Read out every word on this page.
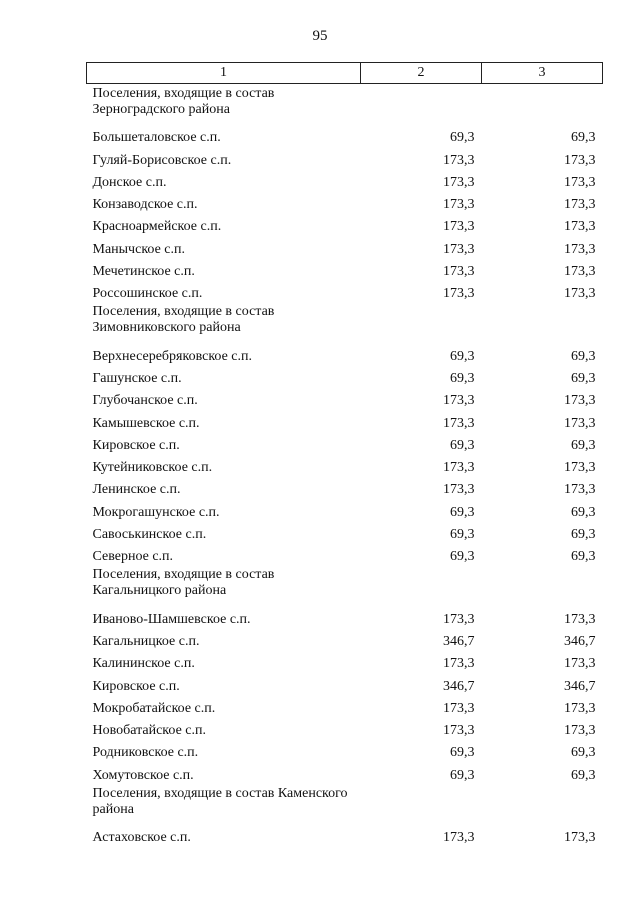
95
1	2	3
Поселения, входящие в состав Зерноградского района		
Большеталовское с.п.	69,3	69,3
Гуляй-Борисовское с.п.	173,3	173,3
Донское с.п.	173,3	173,3
Конзаводское с.п.	173,3	173,3
Красноармейское с.п.	173,3	173,3
Манычское с.п.	173,3	173,3
Мечетинское с.п.	173,3	173,3
Россошинское с.п.	173,3	173,3
Поселения, входящие в состав Зимовниковского района		
Верхнесеребряковское с.п.	69,3	69,3
Гашунское с.п.	69,3	69,3
Глубочанское с.п.	173,3	173,3
Камышевское с.п.	173,3	173,3
Кировское с.п.	69,3	69,3
Кутейниковское с.п.	173,3	173,3
Ленинское с.п.	173,3	173,3
Мокрогашунское с.п.	69,3	69,3
Савоськинское с.п.	69,3	69,3
Северное с.п.	69,3	69,3
Поселения, входящие в состав Кагальницкого района		
Иваново-Шамшевское с.п.	173,3	173,3
Кагальницкое с.п.	346,7	346,7
Калининское с.п.	173,3	173,3
Кировское с.п.	346,7	346,7
Мокробатайское с.п.	173,3	173,3
Новобатайское с.п.	173,3	173,3
Родниковское с.п.	69,3	69,3
Хомутовское с.п.	69,3	69,3
Поселения, входящие в состав Каменского района		
Астаховское с.п.	173,3	173,3
